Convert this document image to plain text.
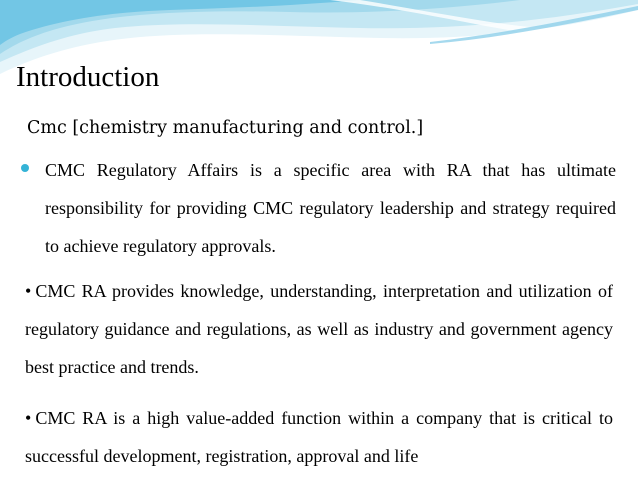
Introduction
Cmc [chemistry manufacturing and control.]
CMC Regulatory Affairs is a specific area with RA that has ultimate responsibility for providing CMC regulatory leadership and strategy required to achieve regulatory approvals.
• CMC RA provides knowledge, understanding, interpretation and utilization of regulatory guidance and regulations, as well as industry and government agency best practice and trends.
• CMC RA is a high value-added function within a company that is critical to successful development, registration, approval and life
